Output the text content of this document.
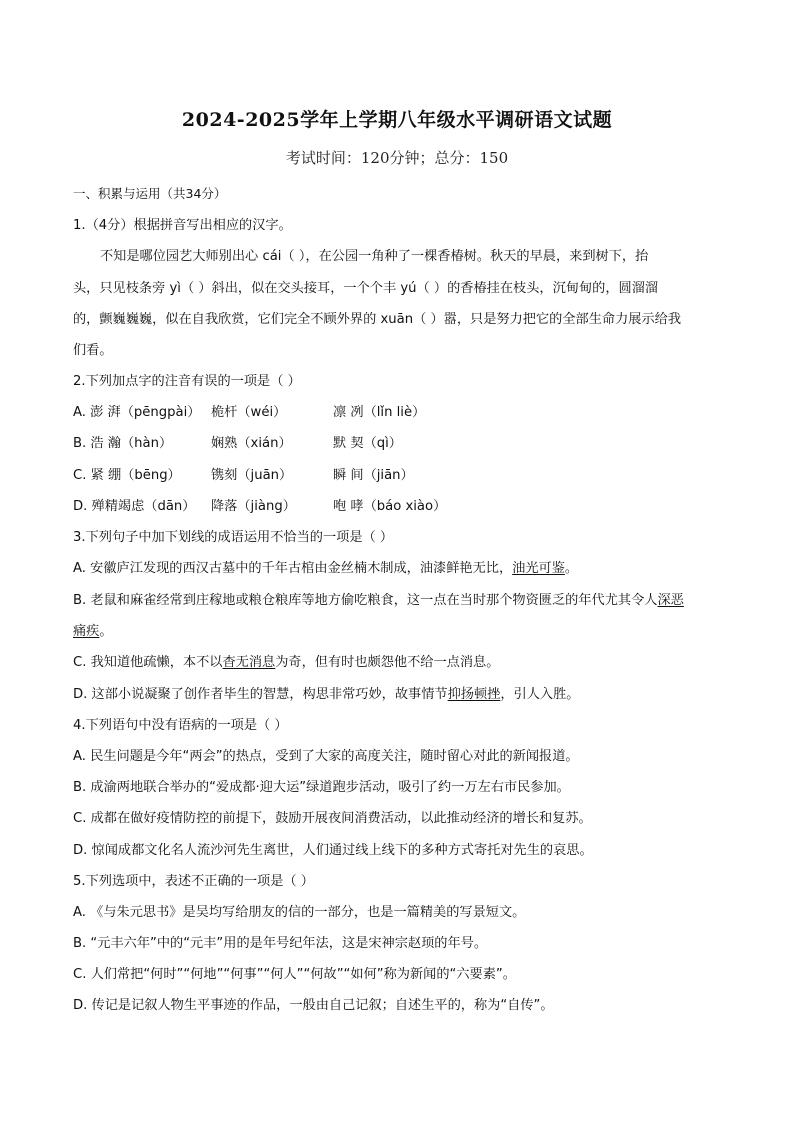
2024-2025学年上学期八年级水平调研语文试题
考试时间：120分钟；总分：150
一、积累与运用（共34分）
1.（4分）根据拼音写出相应的汉字。
不知是哪位园艺大师别出心 cái（ ），在公园一角种了一棵香椿树。秋天的早晨，来到树下，抬
头，只见枝条旁 yì（ ）斜出，似在交头接耳，一个个丰 yú（ ）的香椿挂在枝头，沉甸甸的，圆溜溜
的，颤巍巍巍，似在自我欣赏，它们完全不顾外界的 xuān（ ）嚣，只是努力把它的全部生命力展示给我
们看。
2.下列加点字的注音有误的一项是（ ）
A. 澎 湃（pēngpài） 桅杆（wéi）	凛 冽（lǐn liè）
B. 浩 瀚（hàn）	娴熟（xián）	默 契（qì）
C. 紧 绷（bēng） 镌刻（juān）	瞬 间（jiān）
D. 殚精竭虑（dān） 降落（jiàng）	咆 哮（báo xiào）
3.下列句子中加下划线的成语运用不恰当的一项是（ ）
A. 安徽庐江发现的西汉古墓中的千年古棺由金丝楠木制成，油漆鲜艳无比，油光可鉴。
B. 老鼠和麻雀经常到庄稼地或粮仓粮库等地方偷吃粮食，这一点在当时那个物资匮乏的年代尤其令人深恶
痛疾。
C. 我知道他疏懒，本不以杳无消息为奇，但有时也颇怨他不给一点消息。
D. 这部小说凝聚了创作者毕生的智慧，构思非常巧妙，故事情节抑扬顿挫，引人入胜。
4.下列语句中没有语病的一项是（ ）
A. 民生问题是今年“两会”的热点，受到了大家的高度关注，随时留心对此的新闻报道。
B. 成渝两地联合举办的“爱成都·迎大运”绿道跑步活动，吸引了约一万左右市民参加。
C. 成都在做好疫情防控的前提下，鼓励开展夜间消费活动，以此推动经济的增长和复苏。
D. 惊闻成都文化名人流沙河先生离世，人们通过线上线下的多种方式寄托对先生的哀思。
5.下列选项中，表述不正确的一项是（ ）
A. 《与朱元思书》是吴均写给朋友的信的一部分，也是一篇精美的写景短文。
B. “元丰六年”中的“元丰”用的是年号纪年法，这是宋神宗赵顼的年号。
C. 人们常把“何时”“何地”“何事”“何人”“何故”“如何”称为新闻的“六要素”。
D. 传记是记叙人物生平事迹的作品，一般由自己记叙；自述生平的，称为“自传”。
